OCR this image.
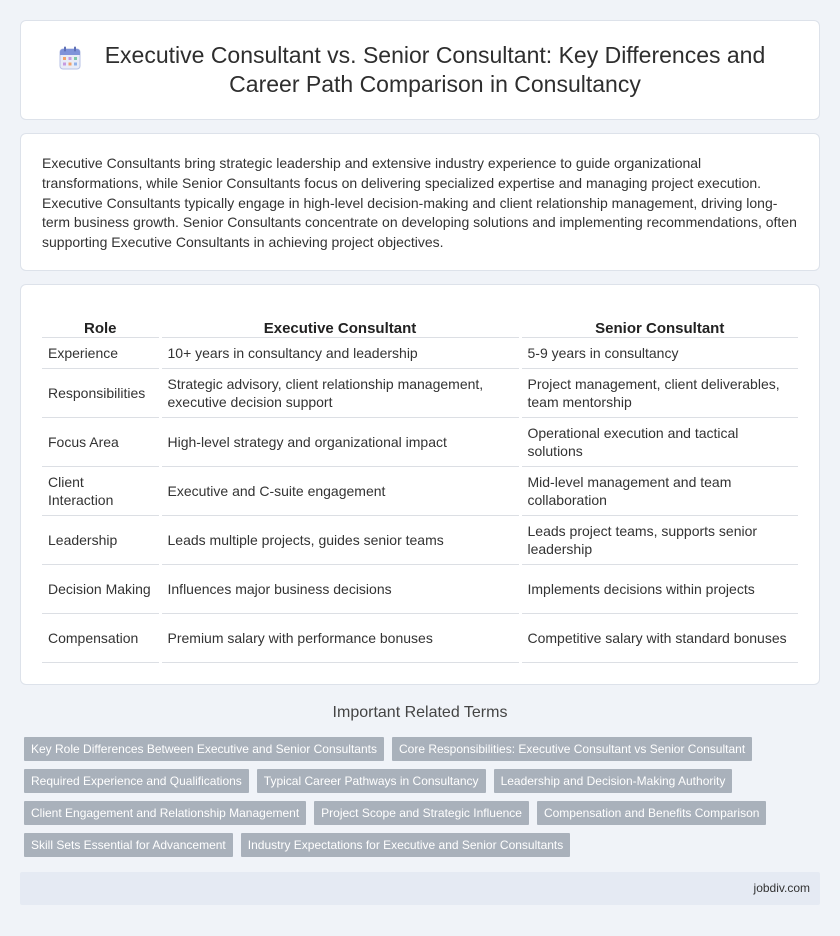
Executive Consultant vs. Senior Consultant: Key Differences and Career Path Comparison in Consultancy

Executive Consultants bring strategic leadership and extensive industry experience to guide organizational transformations, while Senior Consultants focus on delivering specialized expertise and managing project execution. Executive Consultants typically engage in high-level decision-making and client relationship management, driving long-term business growth. Senior Consultants concentrate on developing solutions and implementing recommendations, often supporting Executive Consultants in achieving project objectives.

Role	Executive Consultant	Senior Consultant
Experience	10+ years in consultancy and leadership	5-9 years in consultancy
Responsibilities	Strategic advisory, client relationship management, executive decision support	Project management, client deliverables, team mentorship
Focus Area	High-level strategy and organizational impact	Operational execution and tactical solutions
Client Interaction	Executive and C-suite engagement	Mid-level management and team collaboration
Leadership	Leads multiple projects, guides senior teams	Leads project teams, supports senior leadership
Decision Making	Influences major business decisions	Implements decisions within projects
Compensation	Premium salary with performance bonuses	Competitive salary with standard bonuses
Important Related Terms
Key Role Differences Between Executive and Senior Consultants	Core Responsibilities: Executive Consultant vs Senior Consultant
Required Experience and Qualifications	Typical Career Pathways in Consultancy	Leadership and Decision-Making Authority
Client Engagement and Relationship Management	Project Scope and Strategic Influence	Compensation and Benefits Comparison
Skill Sets Essential for Advancement	Industry Expectations for Executive and Senior Consultants
jobdiv.com
